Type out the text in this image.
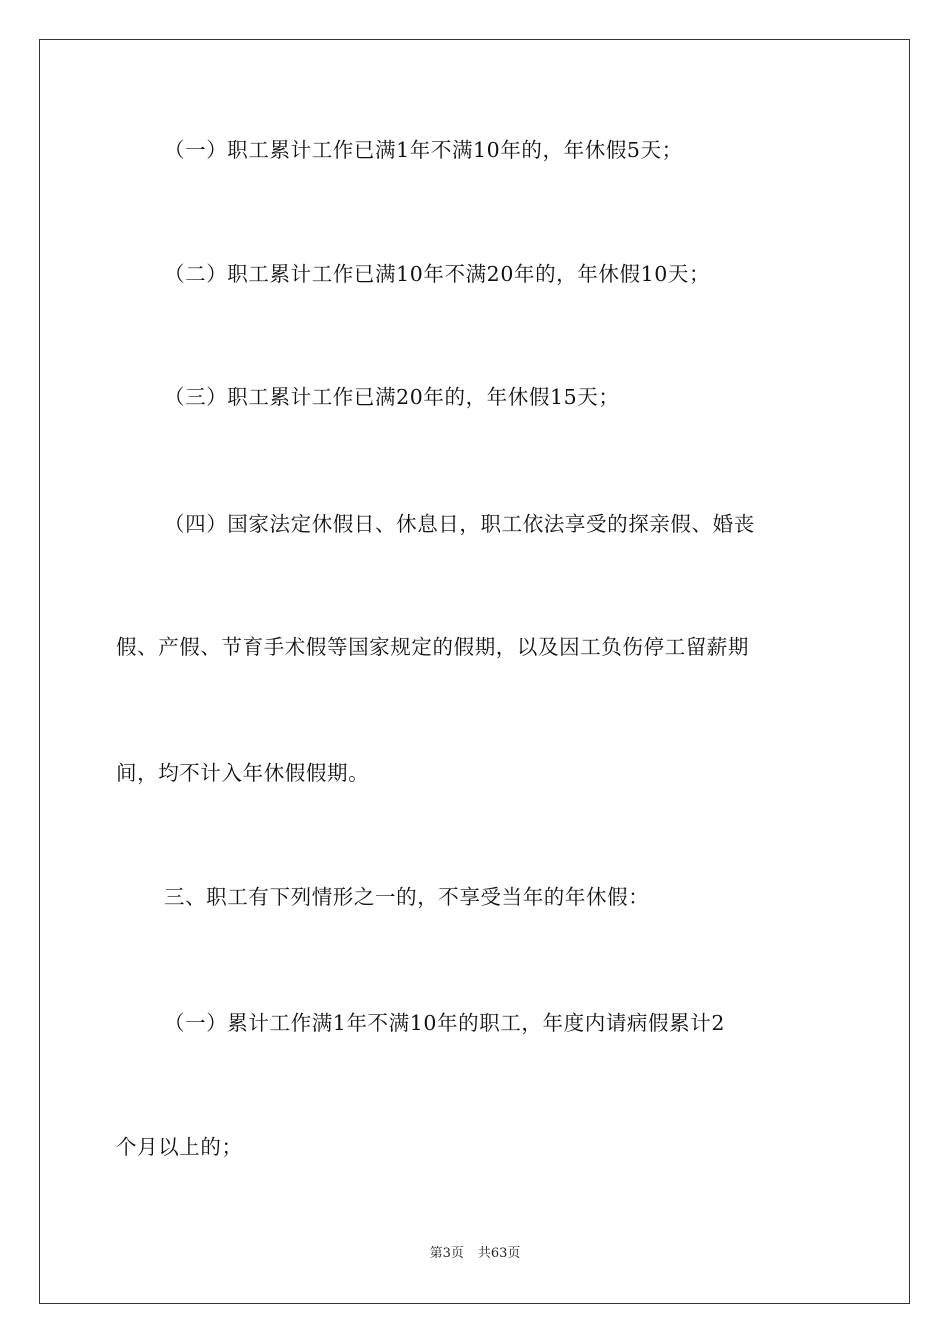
（一）职工累计工作已满1年不满10年的，年休假5天；
（二）职工累计工作已满10年不满20年的，年休假10天；
（三）职工累计工作已满20年的，年休假15天；
（四）国家法定休假日、休息日，职工依法享受的探亲假、婚丧
假、产假、节育手术假等国家规定的假期，以及因工负伤停工留薪期
间，均不计入年休假假期。
三、职工有下列情形之一的，不享受当年的年休假：
（一）累计工作满1年不满10年的职工，年度内请病假累计2
个月以上的；
第3页 共63页
